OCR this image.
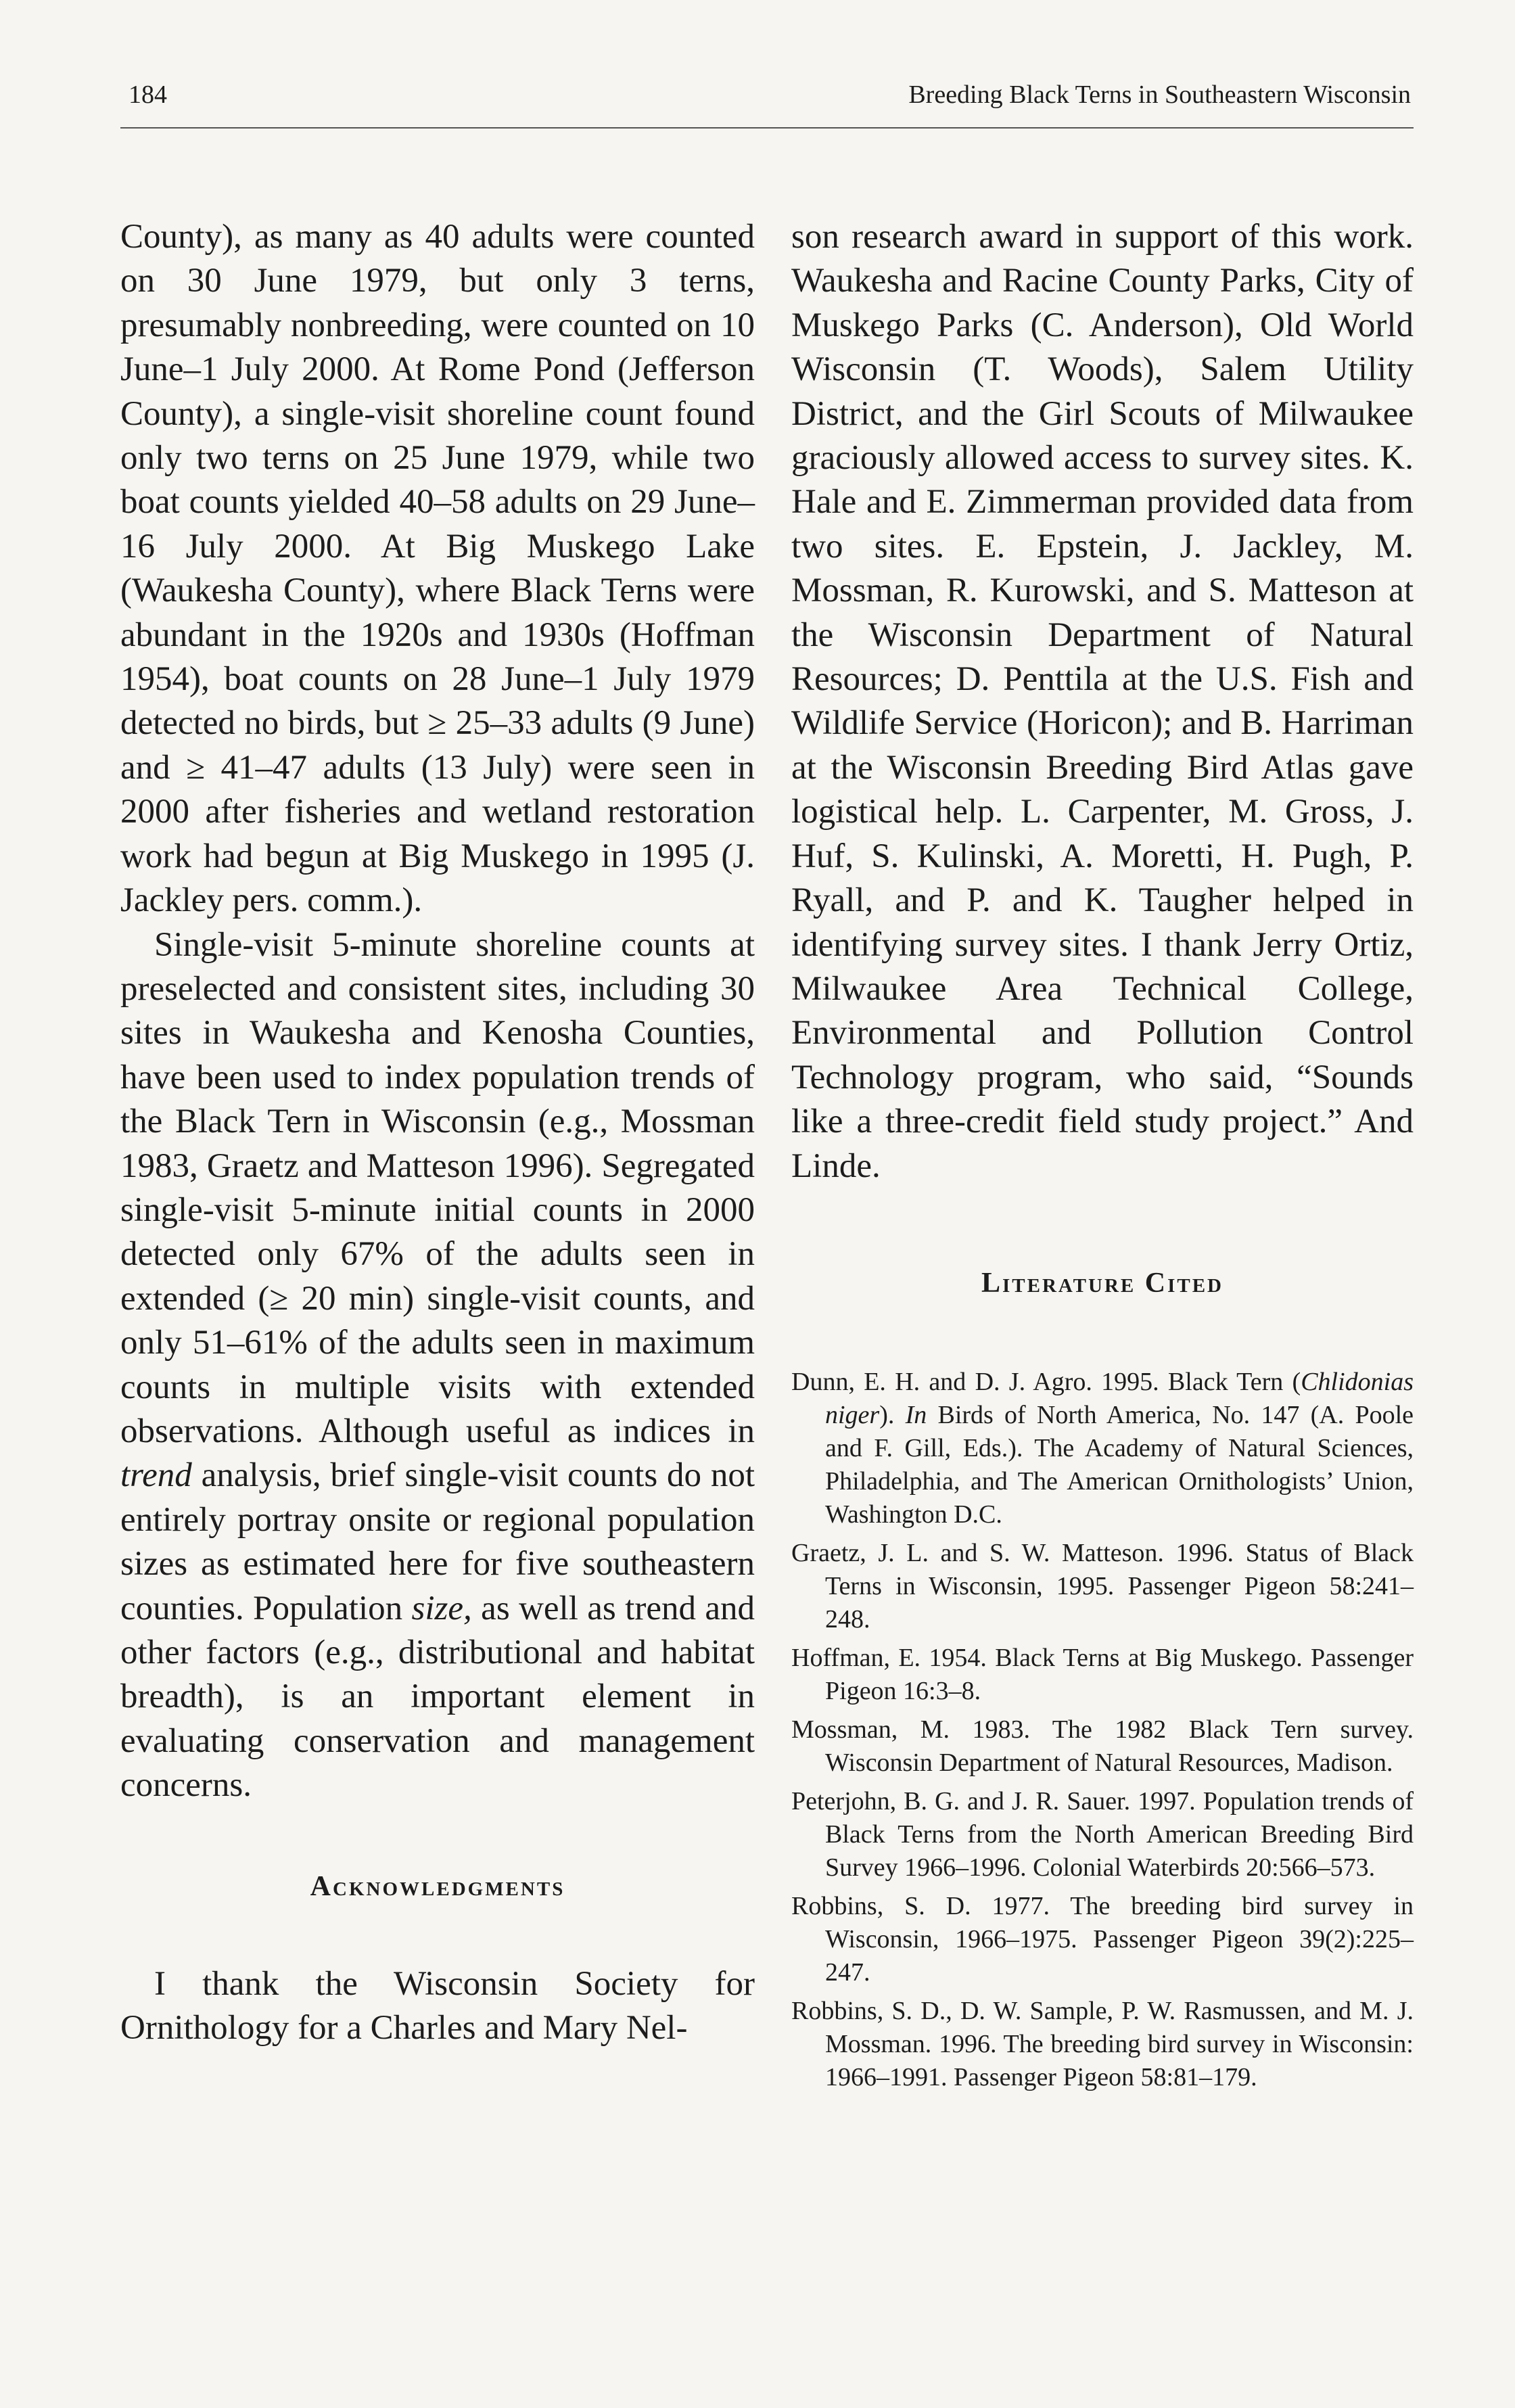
184	Breeding Black Terns in Southeastern Wisconsin

County), as many as 40 adults were counted on 30 June 1979, but only 3 terns, presumably nonbreeding, were counted on 10 June–1 July 2000. At Rome Pond (Jefferson County), a single-visit shoreline count found only two terns on 25 June 1979, while two boat counts yielded 40–58 adults on 29 June–16 July 2000. At Big Muskego Lake (Waukesha County), where Black Terns were abundant in the 1920s and 1930s (Hoffman 1954), boat counts on 28 June–1 July 1979 detected no birds, but ≥ 25–33 adults (9 June) and ≥ 41–47 adults (13 July) were seen in 2000 after fisheries and wetland restoration work had begun at Big Muskego in 1995 (J. Jackley pers. comm.).

Single-visit 5-minute shoreline counts at preselected and consistent sites, including 30 sites in Waukesha and Kenosha Counties, have been used to index population trends of the Black Tern in Wisconsin (e.g., Mossman 1983, Graetz and Matteson 1996). Segregated single-visit 5-minute initial counts in 2000 detected only 67% of the adults seen in extended (≥ 20 min) single-visit counts, and only 51–61% of the adults seen in maximum counts in multiple visits with extended observations. Although useful as indices in trend analysis, brief single-visit counts do not entirely portray onsite or regional population sizes as estimated here for five southeastern counties. Population size, as well as trend and other factors (e.g., distributional and habitat breadth), is an important element in evaluating conservation and management concerns.

Acknowledgments

I thank the Wisconsin Society for Ornithology for a Charles and Mary Nel-

son research award in support of this work. Waukesha and Racine County Parks, City of Muskego Parks (C. Anderson), Old World Wisconsin (T. Woods), Salem Utility District, and the Girl Scouts of Milwaukee graciously allowed access to survey sites. K. Hale and E. Zimmerman provided data from two sites. E. Epstein, J. Jackley, M. Mossman, R. Kurowski, and S. Matteson at the Wisconsin Department of Natural Resources; D. Penttila at the U.S. Fish and Wildlife Service (Horicon); and B. Harriman at the Wisconsin Breeding Bird Atlas gave logistical help. L. Carpenter, M. Gross, J. Huf, S. Kulinski, A. Moretti, H. Pugh, P. Ryall, and P. and K. Taugher helped in identifying survey sites. I thank Jerry Ortiz, Milwaukee Area Technical College, Environmental and Pollution Control Technology program, who said, “Sounds like a three-credit field study project.” And Linde.

Literature Cited

Dunn, E. H. and D. J. Agro. 1995. Black Tern (Chlidonias niger). In Birds of North America, No. 147 (A. Poole and F. Gill, Eds.). The Academy of Natural Sciences, Philadelphia, and The American Ornithologists’ Union, Washington D.C.

Graetz, J. L. and S. W. Matteson. 1996. Status of Black Terns in Wisconsin, 1995. Passenger Pigeon 58:241–248.

Hoffman, E. 1954. Black Terns at Big Muskego. Passenger Pigeon 16:3–8.

Mossman, M. 1983. The 1982 Black Tern survey. Wisconsin Department of Natural Resources, Madison.

Peterjohn, B. G. and J. R. Sauer. 1997. Population trends of Black Terns from the North American Breeding Bird Survey 1966–1996. Colonial Waterbirds 20:566–573.

Robbins, S. D. 1977. The breeding bird survey in Wisconsin, 1966–1975. Passenger Pigeon 39(2):225–247.

Robbins, S. D., D. W. Sample, P. W. Rasmussen, and M. J. Mossman. 1996. The breeding bird survey in Wisconsin: 1966–1991. Passenger Pigeon 58:81–179.
